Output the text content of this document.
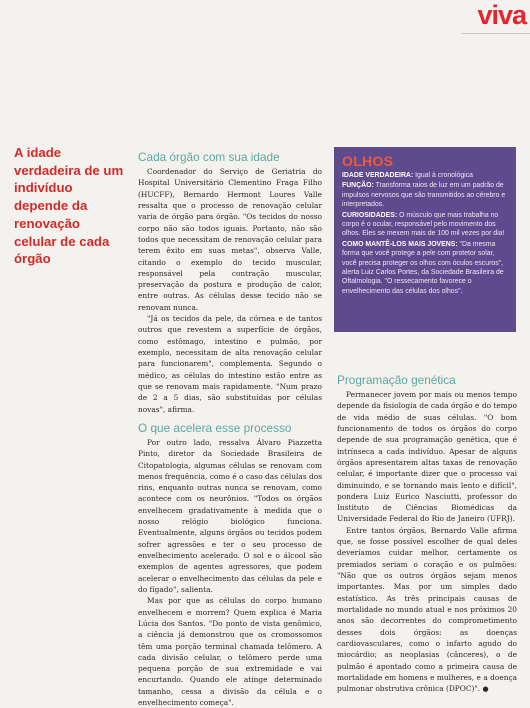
viva
A idade verdadeira de um indivíduo depende da renovação celular de cada órgão
Cada órgão com sua idade

Coordenador do Serviço de Geriatria do Hospital Universitário Clementino Fraga Filho (HUCFF), Bernardo Hermont Loures Valle ressalta que o processo de renovação celular varia de órgão para órgão. "Os tecidos do nosso corpo não são todos iguais. Portanto, não são todos que necessitam de renovação celular para terem êxito em suas metas", observa Valle, citando o exemplo do tecido muscular, responsável pela contração muscular, preservação da postura e produção de calor, entre outras. As células desse tecido não se renovam nunca.

"Já os tecidos da pele, da córnea e de tantos outros que revestem a superfície de órgãos, como estômago, intestino e pulmão, por exemplo, necessitam de alta renovação celular para funcionarem", complementa. Segundo o médico, as células do intestino estão entre as que se renovam mais rapidamente. "Num prazo de 2 a 5 dias, são substituídas por células novas", afirma.

O que acelera esse processo

Por outro lado, ressalva Álvaro Piazzetta Pinto, diretor da Sociedade Brasileira de Citopatologia, algumas células se renovam com menos frequência, como é o caso das células dos rins, enquanto outras nunca se renovam, como acontece com os neurônios. "Todos os órgãos envelhecem gradativamente à medida que o nosso relógio biológico funciona. Eventualmente, alguns órgãos ou tecidos podem sofrer agressões e ter o seu processo de envelhecimento acelerado. O sol e o álcool são exemplos de agentes agressores, que podem acelerar o envelhecimento das células da pele e do fígado", salienta.

Mas por que as células do corpo humano envelhecem e morrem? Quem explica é Maria Lúcia dos Santos. "Do ponto de vista genômico, a ciência já demonstrou que os cromossomos têm uma porção terminal chamada telômero. A cada divisão celular, o telômero perde uma pequena porção de sua extremidade e vai encurtando. Quando ele atinge determinado tamanho, cessa a divisão da célula e o envelhecimento começa".

OLHOS

IDADE VERDADEIRA: Igual à cronológica

FUNÇÃO: Transforma raios de luz em um padrão de impulsos nervosos que são transmitidos ao cérebro e interpretados.

CURIOSIDADES: O músculo que mais trabalha no corpo é o ocular, responsável pelo movimento dos olhos. Eles se mexem mais de 100 mil vezes por dia!

COMO MANTÊ-LOS MAIS JOVENS: "Da mesma forma que você protege a pele com protetor solar, você precisa proteger os olhos com óculos escuros", alerta Luiz Carlos Portes, da Sociedade Brasileira de Oftalmologia. "O ressecamento favorece o envelhecimento das células dos olhos".

Programação genética

Permanecer jovem por mais ou menos tempo depende da fisiologia de cada órgão e do tempo de vida médio de suas células. "O bom funcionamento de todos os órgãos do corpo depende de sua programação genética, que é intrínseca a cada indivíduo. Apesar de alguns órgãos apresentarem altas taxas de renovação celular, é importante dizer que o processo vai diminuindo, e se tornando mais lento e difícil", pondera Luiz Eurico Nasciutti, professor do Instituto de Ciências Biomédicas da Universidade Federal do Rio de Janeiro (UFRJ).

Entre tantos órgãos, Bernardo Valle afirma que, se fosse possível escolher de qual deles deveríamos cuidar melhor, certamente os premiados seriam o coração e os pulmões: "Não que os outros órgãos sejam menos importantes. Mas por um simples dado estatístico. As três principais causas de mortalidade no mundo atual e nos próximos 20 anos são decorrentes do comprometimento desses dois órgãos: as doenças cardiovasculares, como o infarto agudo do miocárdio; as neoplasias (cânceres), o de pulmão é apontado como a primeira causa de mortalidade em homens e mulheres, e a doença pulmonar obstrutiva crônica (DPOC)". ●
